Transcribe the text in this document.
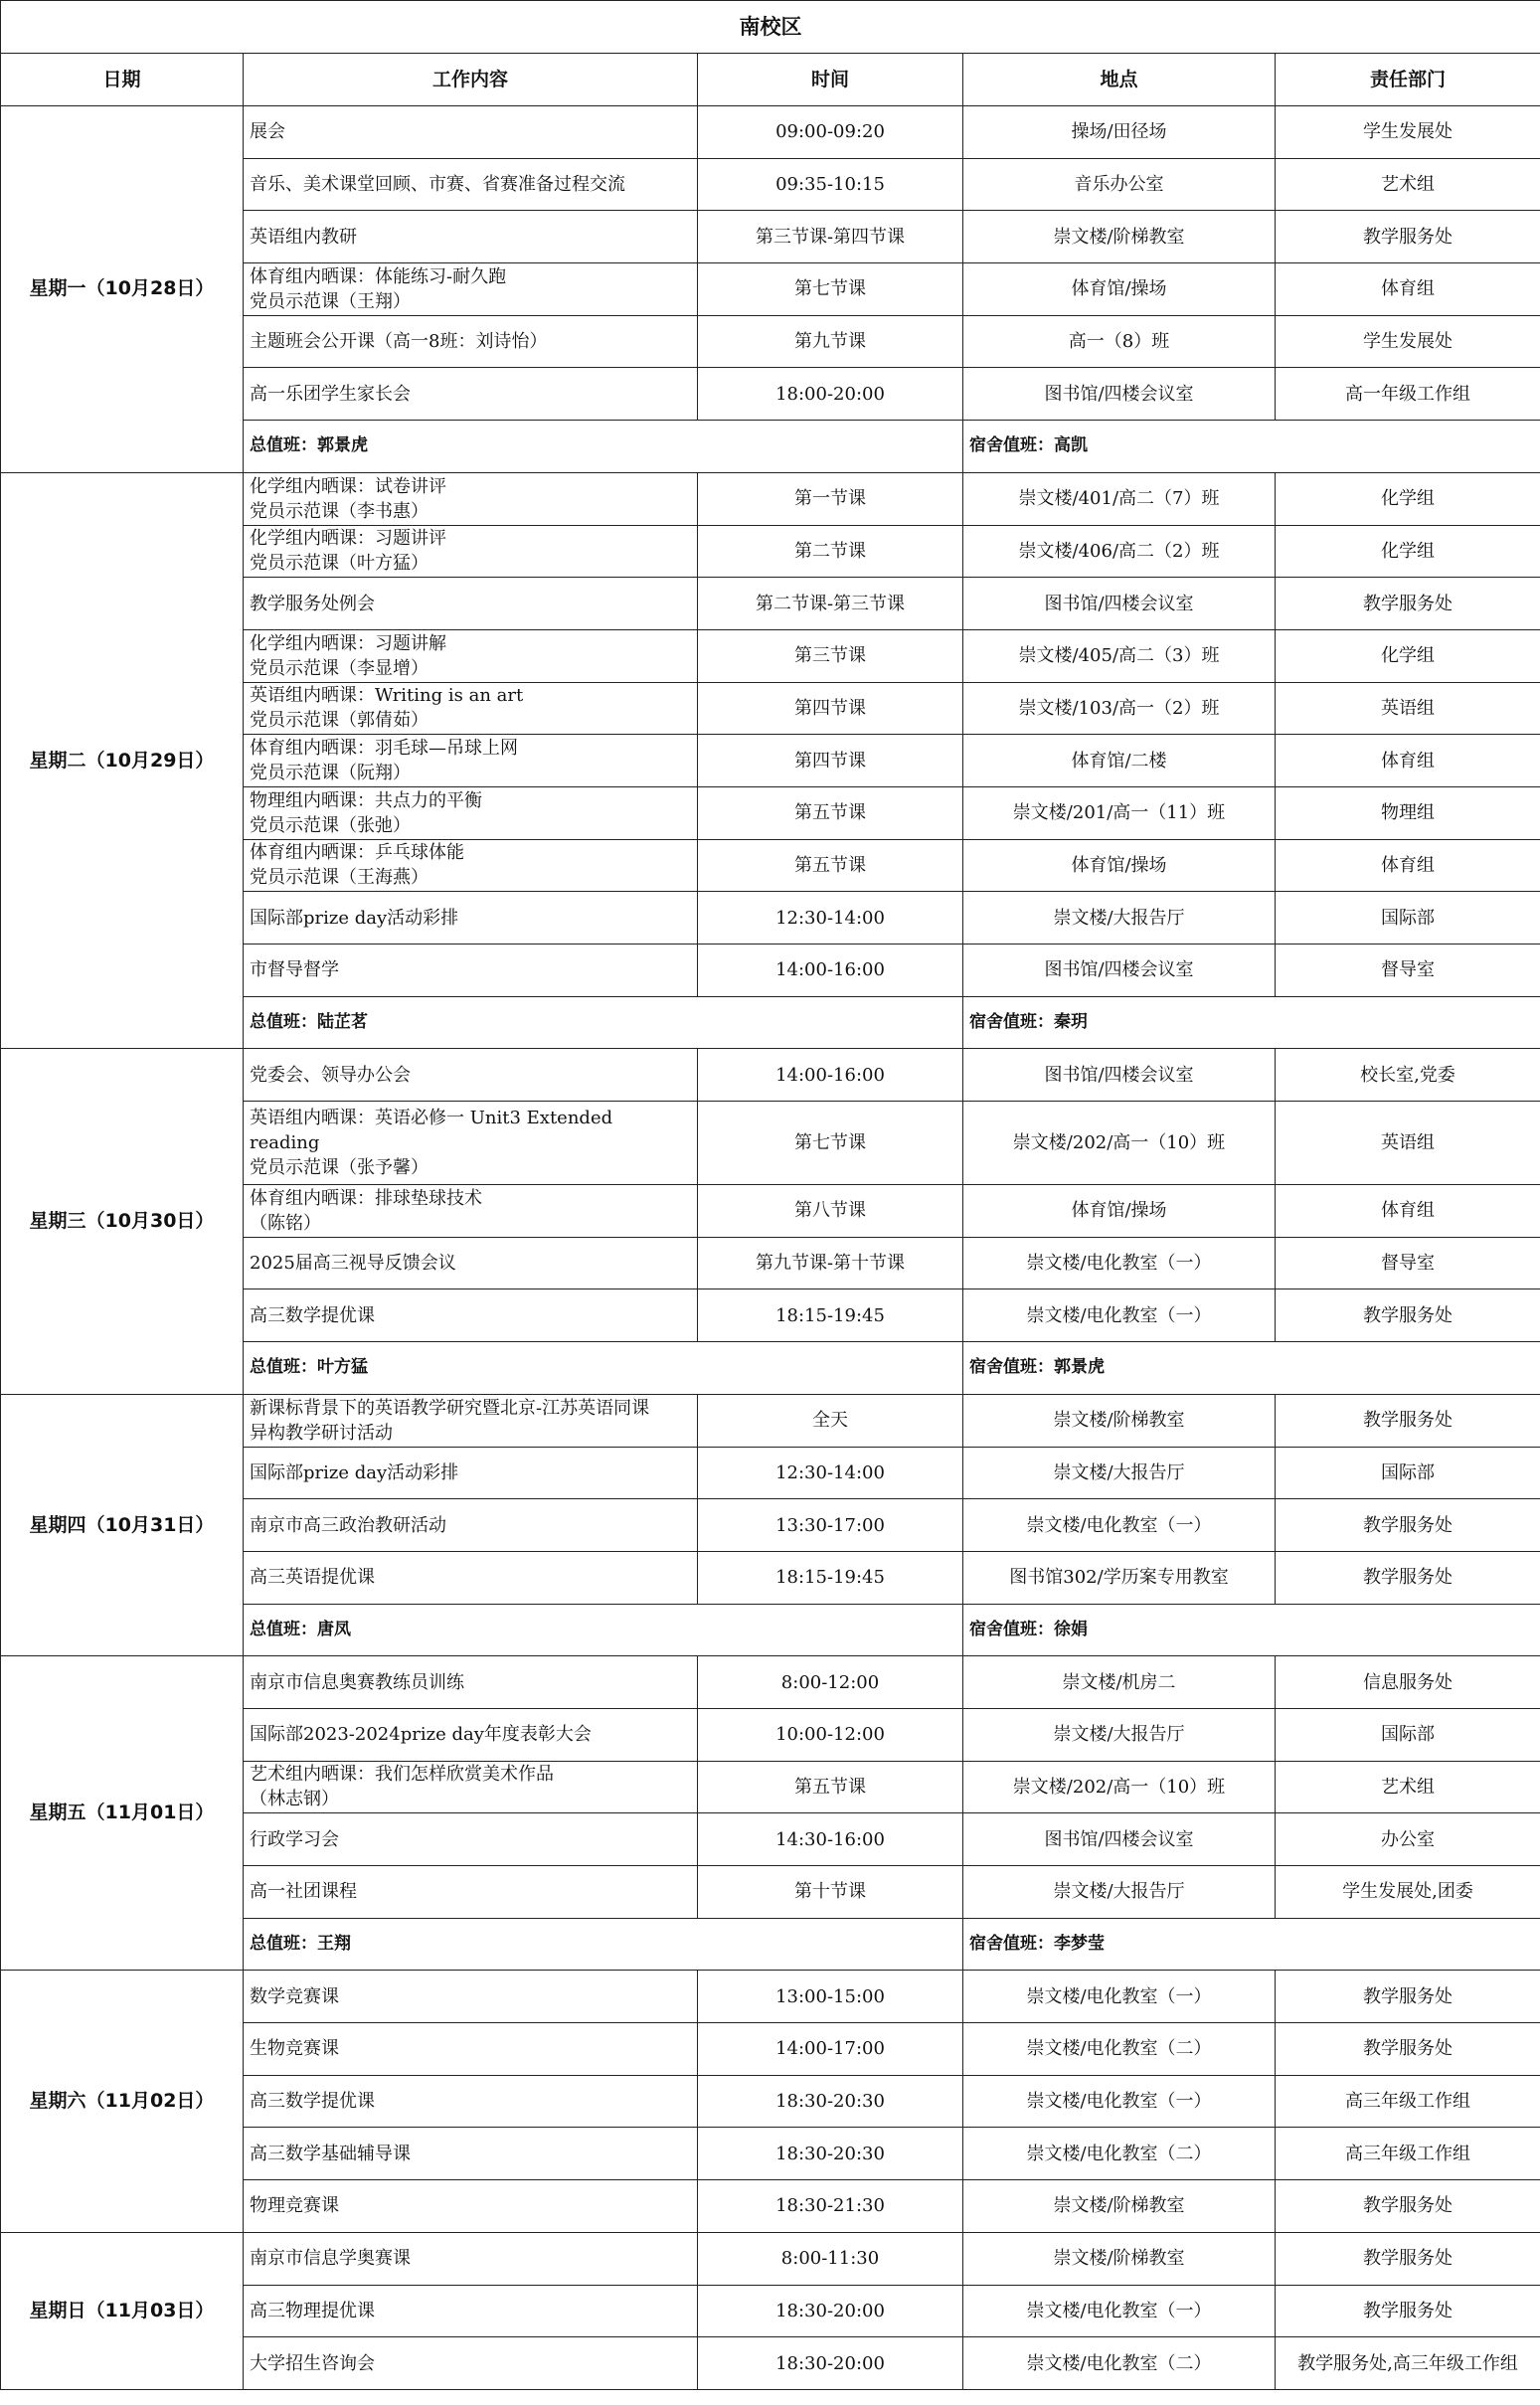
南校区				
日期	工作内容	时间	地点	责任部门
星期一（10月28日）	展会	09:00-09:20	操场/田径场	学生发展处
	音乐、美术课堂回顾、市赛、省赛准备过程交流	09:35-10:15	音乐办公室	艺术组
	英语组内教研	第三节课-第四节课	崇文楼/阶梯教室	教学服务处
	体育组内晒课：体能练习-耐久跑
党员示范课（王翔）	第七节课	体育馆/操场	体育组
	主题班会公开课（高一8班：刘诗怡）	第九节课	高一（8）班	学生发展处
	高一乐团学生家长会	18:00-20:00	图书馆/四楼会议室	高一年级工作组
	总值班：郭景虎		宿舍值班：高凯	
星期二（10月29日）	化学组内晒课：试卷讲评
党员示范课（李书惠）	第一节课	崇文楼/401/高二（7）班	化学组
	化学组内晒课：习题讲评
党员示范课（叶方猛）	第二节课	崇文楼/406/高二（2）班	化学组
	教学服务处例会	第二节课-第三节课	图书馆/四楼会议室	教学服务处
	化学组内晒课：习题讲解
党员示范课（李显增）	第三节课	崇文楼/405/高二（3）班	化学组
	英语组内晒课：Writing is an art
党员示范课（郭倩茹）	第四节课	崇文楼/103/高一（2）班	英语组
	体育组内晒课：羽毛球—吊球上网
党员示范课（阮翔）	第四节课	体育馆/二楼	体育组
	物理组内晒课：共点力的平衡
党员示范课（张弛）	第五节课	崇文楼/201/高一（11）班	物理组
	体育组内晒课：乒乓球体能
党员示范课（王海燕）	第五节课	体育馆/操场	体育组
	国际部prize day活动彩排	12:30-14:00	崇文楼/大报告厅	国际部
	市督导督学	14:00-16:00	图书馆/四楼会议室	督导室
	总值班：陆芷茗		宿舍值班：秦玥	
星期三（10月30日）	党委会、领导办公会	14:00-16:00	图书馆/四楼会议室	校长室,党委
	英语组内晒课：英语必修一 Unit3 Extended
reading
党员示范课（张予馨）	第七节课	崇文楼/202/高一（10）班	英语组
	体育组内晒课：排球垫球技术
（陈铭）	第八节课	体育馆/操场	体育组
	2025届高三视导反馈会议	第九节课-第十节课	崇文楼/电化教室（一）	督导室
	高三数学提优课	18:15-19:45	崇文楼/电化教室（一）	教学服务处
	总值班：叶方猛		宿舍值班：郭景虎	
星期四（10月31日）	新课标背景下的英语教学研究暨北京-江苏英语同课
异构教学研讨活动	全天	崇文楼/阶梯教室	教学服务处
	国际部prize day活动彩排	12:30-14:00	崇文楼/大报告厅	国际部
	南京市高三政治教研活动	13:30-17:00	崇文楼/电化教室（一）	教学服务处
	高三英语提优课	18:15-19:45	图书馆302/学历案专用教室	教学服务处
	总值班：唐凤		宿舍值班：徐娟	
星期五（11月01日）	南京市信息奥赛教练员训练	8:00-12:00	崇文楼/机房二	信息服务处
	国际部2023-2024prize day年度表彰大会	10:00-12:00	崇文楼/大报告厅	国际部
	艺术组内晒课：我们怎样欣赏美术作品
（林志钢）	第五节课	崇文楼/202/高一（10）班	艺术组
	行政学习会	14:30-16:00	图书馆/四楼会议室	办公室
	高一社团课程	第十节课	崇文楼/大报告厅	学生发展处,团委
	总值班：王翔		宿舍值班：李梦莹	
星期六（11月02日）	数学竞赛课	13:00-15:00	崇文楼/电化教室（一）	教学服务处
	生物竞赛课	14:00-17:00	崇文楼/电化教室（二）	教学服务处
	高三数学提优课	18:30-20:30	崇文楼/电化教室（一）	高三年级工作组
	高三数学基础辅导课	18:30-20:30	崇文楼/电化教室（二）	高三年级工作组
	物理竞赛课	18:30-21:30	崇文楼/阶梯教室	教学服务处
星期日（11月03日）	南京市信息学奥赛课	8:00-11:30	崇文楼/阶梯教室	教学服务处
	高三物理提优课	18:30-20:00	崇文楼/电化教室（一）	教学服务处
	大学招生咨询会	18:30-20:00	崇文楼/电化教室（二）	教学服务处,高三年级工作组
